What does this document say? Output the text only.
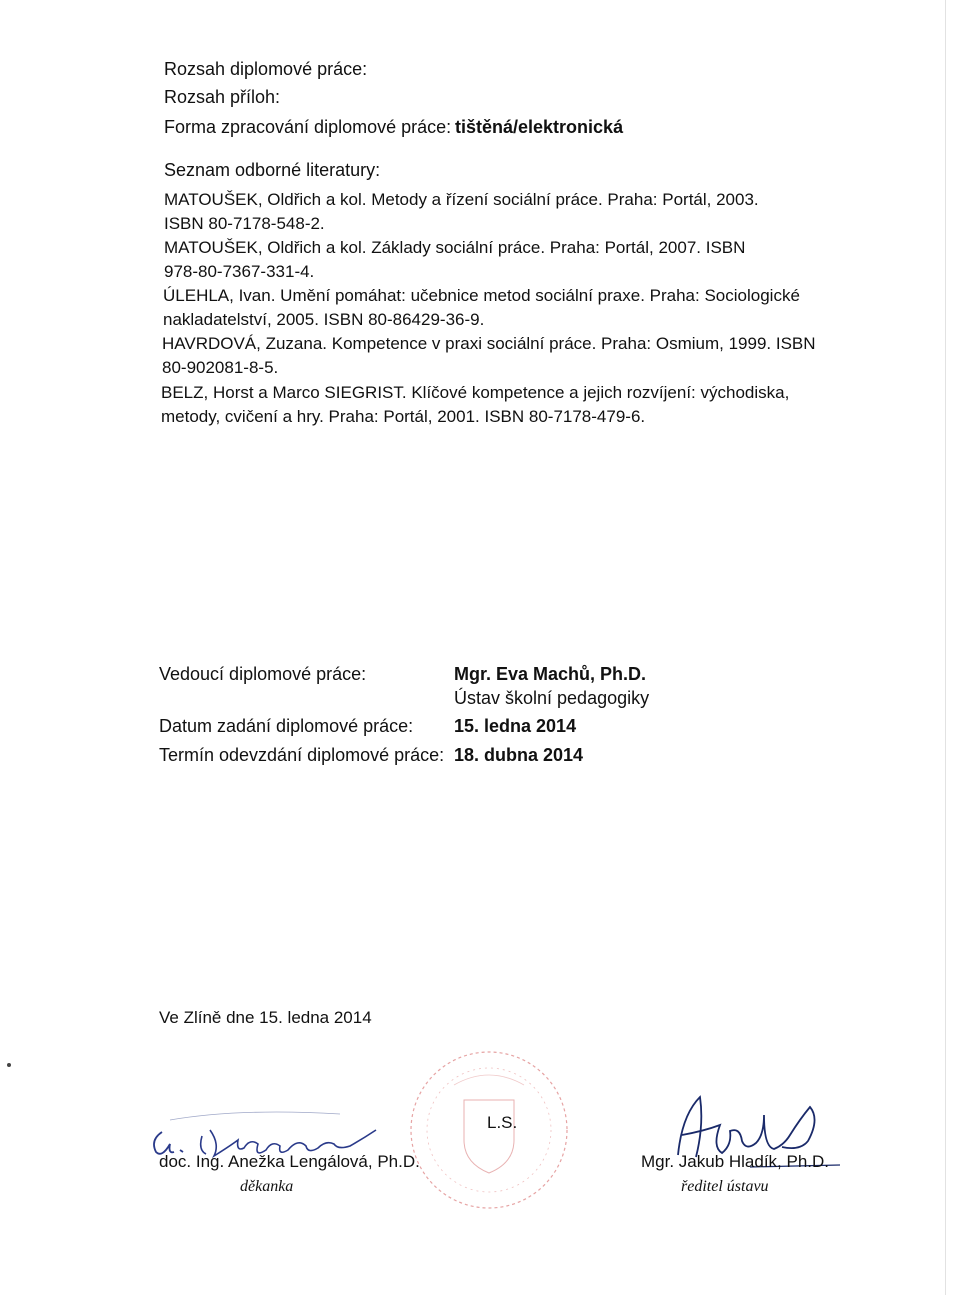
Rozsah diplomové práce:
Rozsah příloh:
Forma zpracování diplomové práce: tištěná/elektronická
Seznam odborné literatury:
MATOUŠEK, Oldřich a kol. Metody a řízení sociální práce. Praha: Portál, 2003.
ISBN 80-7178-548-2.
MATOUŠEK, Oldřich a kol. Základy sociální práce. Praha: Portál, 2007. ISBN
978-80-7367-331-4.
ÚLEHLA, Ivan. Umění pomáhat: učebnice metod sociální praxe. Praha: Sociologické
nakladatelství, 2005. ISBN 80-86429-36-9.
HAVRDOVÁ, Zuzana. Kompetence v praxi sociální práce. Praha: Osmium, 1999. ISBN
80-902081-8-5.
BELZ, Horst a Marco SIEGRIST. Klíčové kompetence a jejich rozvíjení: východiska,
metody, cvičení a hry. Praha: Portál, 2001. ISBN 80-7178-479-6.
Vedoucí diplomové práce:	Mgr. Eva Machů, Ph.D.
Ústav školní pedagogiky
Datum zadání diplomové práce: 15. ledna 2014
Termín odevzdání diplomové práce: 18. dubna 2014
Ve Zlíně dne 15. ledna 2014
L.S.
doc. Ing. Anežka Lengálová, Ph.D.
děkanka
Mgr. Jakub Hladík, Ph.D.
ředitel ústavu
